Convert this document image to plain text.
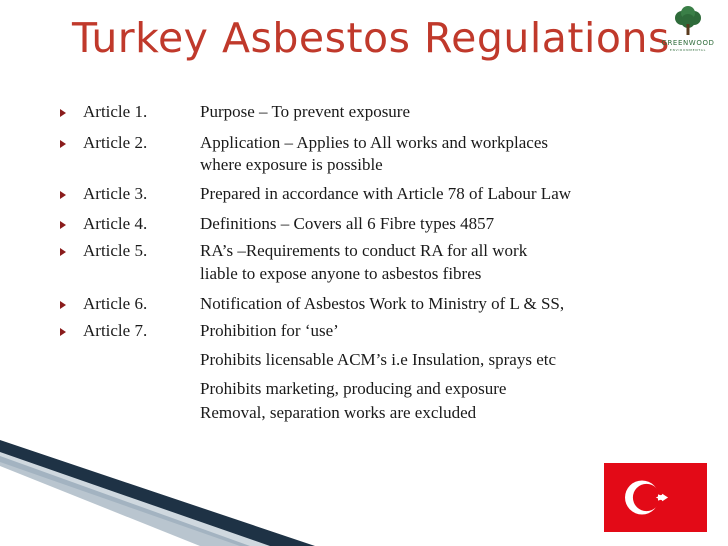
Turkey Asbestos Regulations
GREENWOOD
ENVIRONMENTAL
Article 1.	Purpose – To prevent exposure
Article 2.	Application – Applies to All works and workplaces
where exposure is possible
Article 3.	Prepared in accordance with Article 78 of Labour Law
Article 4.	Definitions – Covers all 6 Fibre types 4857
Article 5.	RA’s –Requirements to conduct RA for all work
liable to expose anyone to asbestos fibres
Article 6.	Notification of Asbestos Work to Ministry of L & SS,
Article 7.	Prohibition for ‘use’
Prohibits licensable ACM’s i.e Insulation, sprays etc
Prohibits marketing, producing and exposure
Removal, separation works are excluded
